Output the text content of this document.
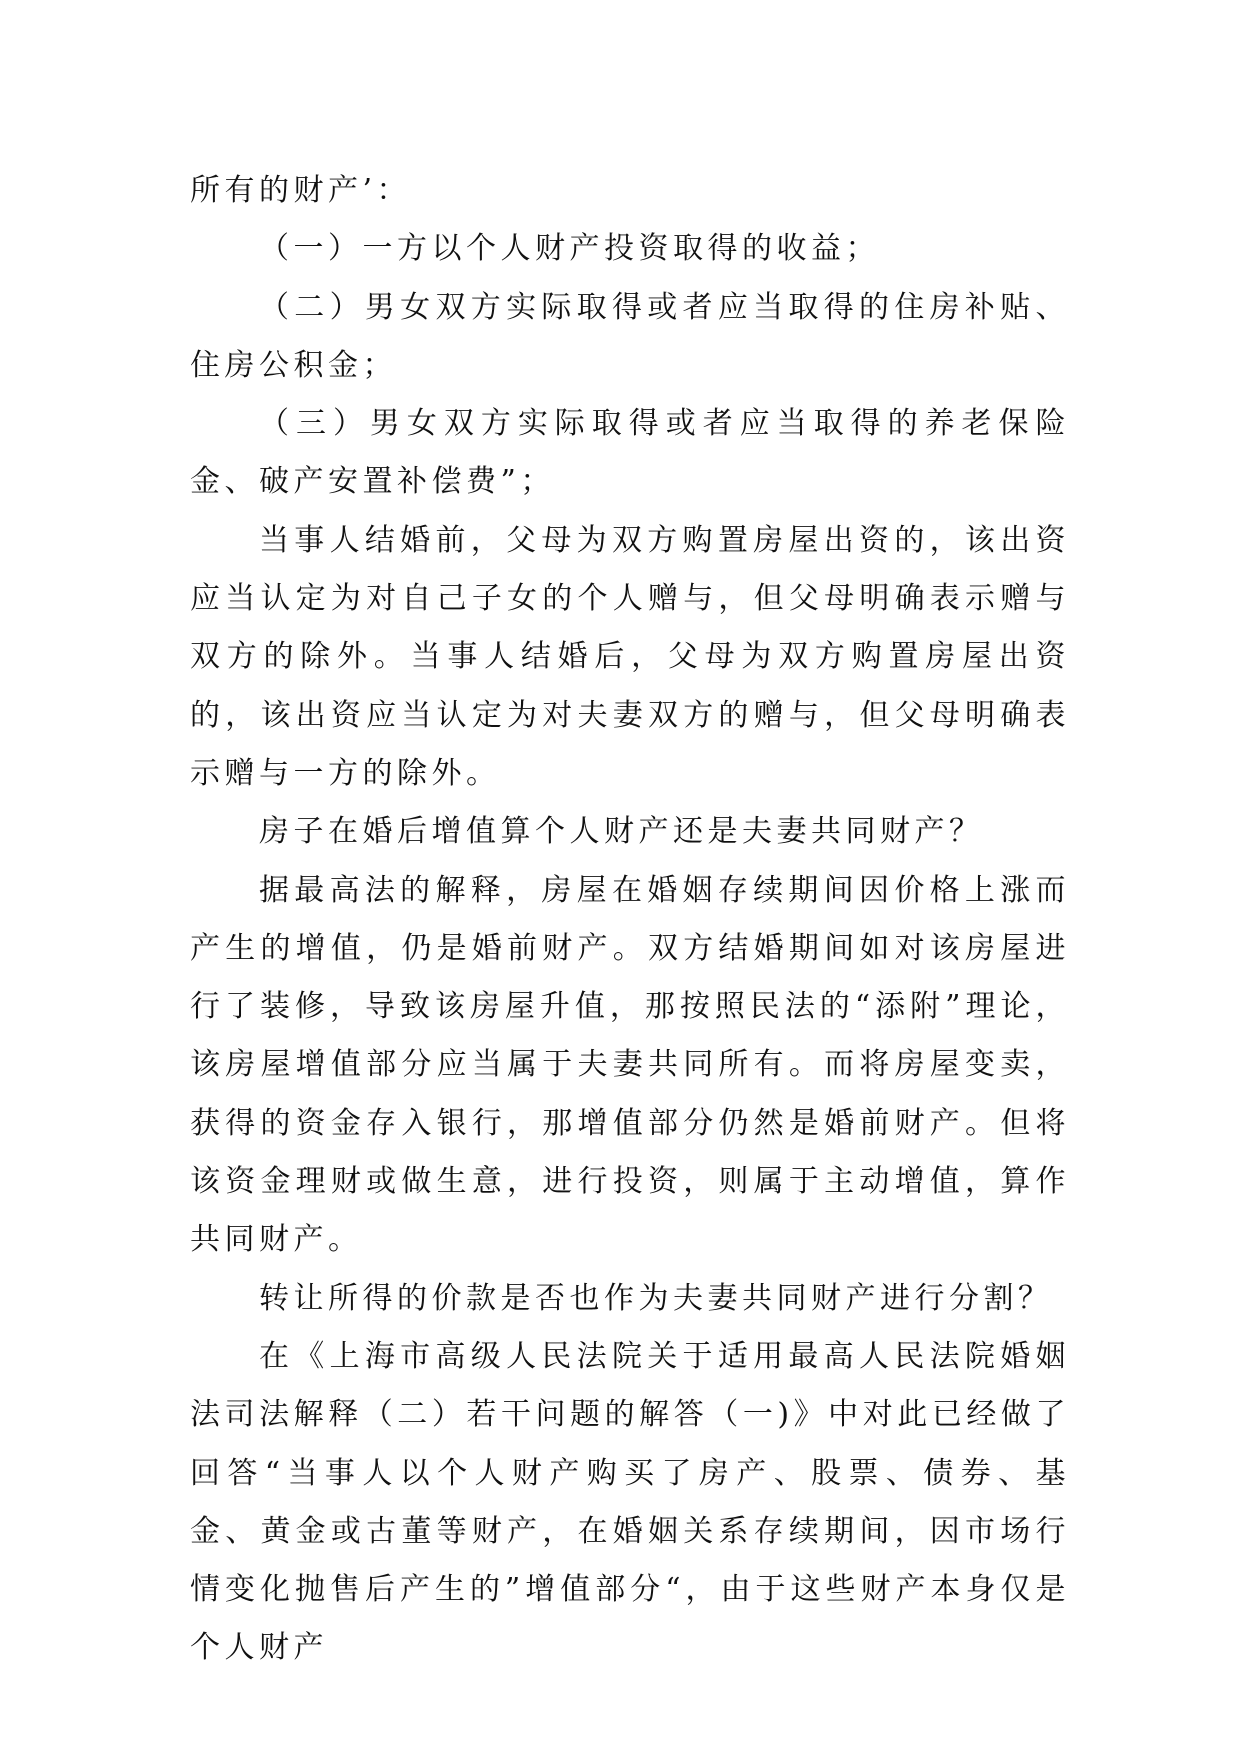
所有的财产’：

（一）一方以个人财产投资取得的收益；

（二）男女双方实际取得或者应当取得的住房补贴、住房公积金；

（三）男女双方实际取得或者应当取得的养老保险金、破产安置补偿费”；

当事人结婚前，父母为双方购置房屋出资的，该出资应当认定为对自己子女的个人赠与，但父母明确表示赠与双方的除外。当事人结婚后，父母为双方购置房屋出资的，该出资应当认定为对夫妻双方的赠与，但父母明确表示赠与一方的除外。

房子在婚后增值算个人财产还是夫妻共同财产？

据最高法的解释，房屋在婚姻存续期间因价格上涨而产生的增值，仍是婚前财产。双方结婚期间如对该房屋进行了装修，导致该房屋升值，那按照民法的“添附”理论，该房屋增值部分应当属于夫妻共同所有。而将房屋变卖，获得的资金存入银行，那增值部分仍然是婚前财产。但将该资金理财或做生意，进行投资，则属于主动增值，算作共同财产。

转让所得的价款是否也作为夫妻共同财产进行分割？

在《上海市高级人民法院关于适用最高人民法院婚姻法司法解释（二）若干问题的解答（一)》中对此已经做了回答“当事人以个人财产购买了房产、股票、债券、基金、黄金或古董等财产，在婚姻关系存续期间，因市场行情变化抛售后产生的”增值部分“，由于这些财产本身仅是个人财产
